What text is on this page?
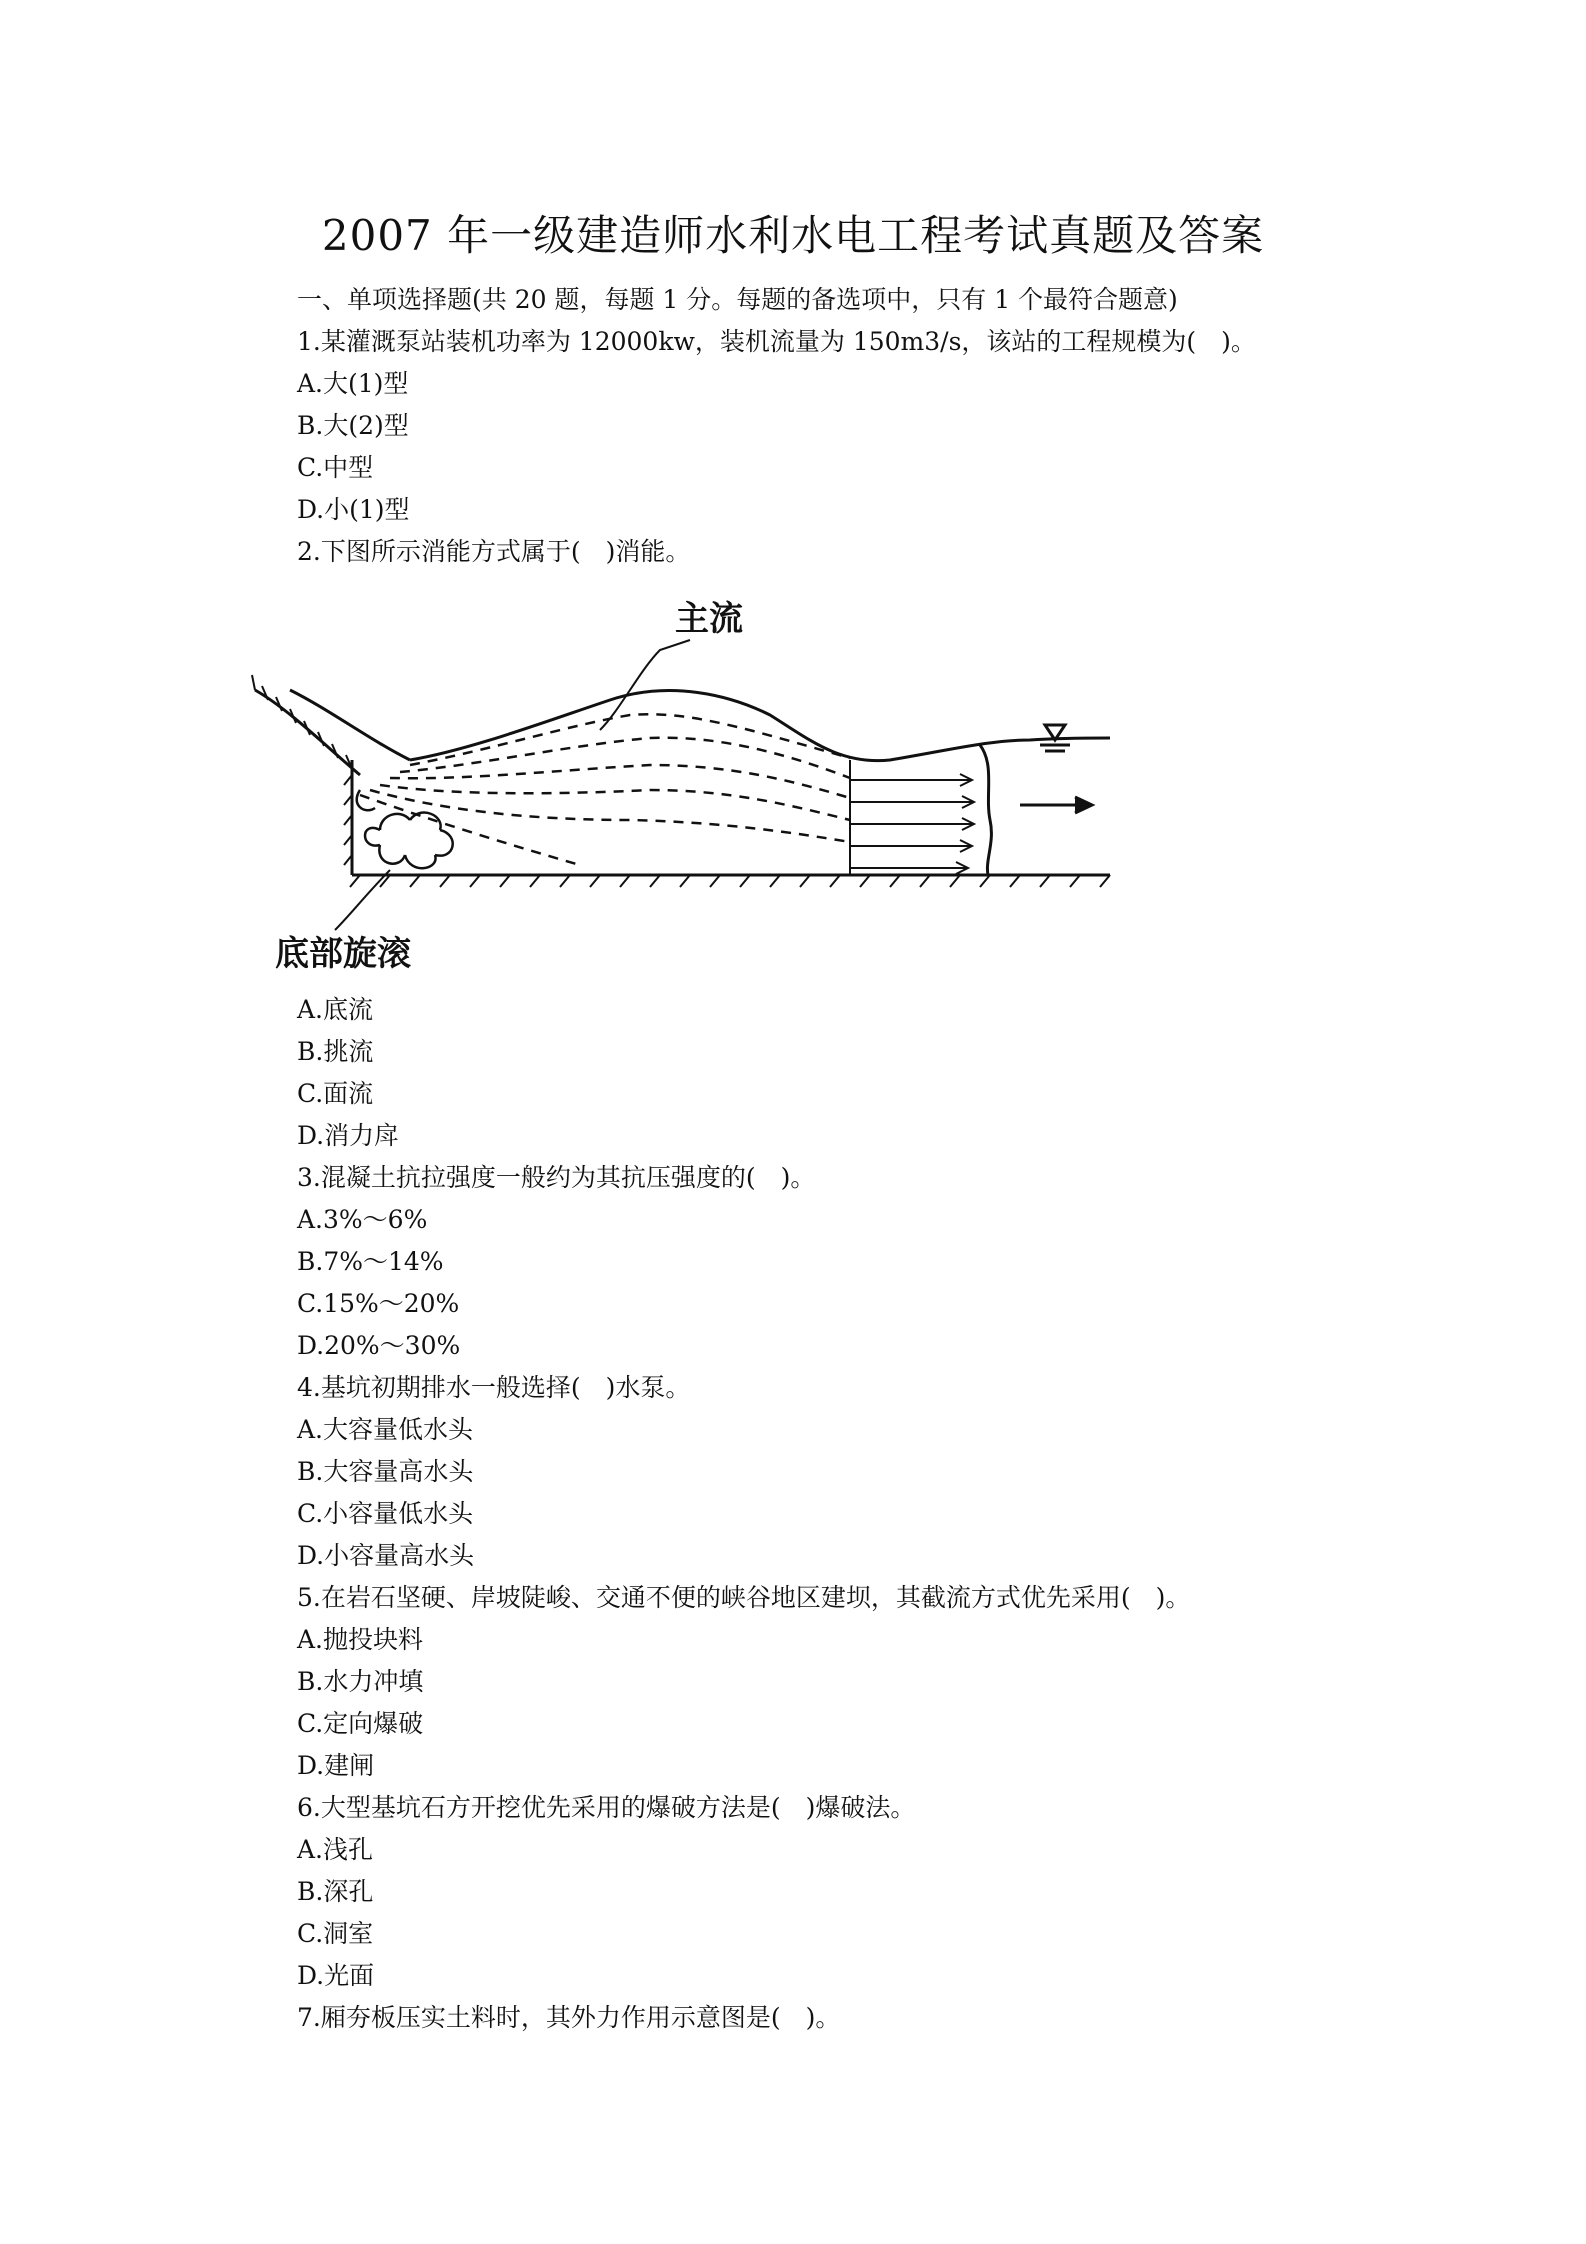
2007 年一级建造师水利水电工程考试真题及答案
一、单项选择题(共 20 题，每题 1 分。每题的备选项中，只有 1 个最符合题意)
1.某灌溉泵站装机功率为 12000kw，装机流量为 150m3/s，该站的工程规模为(　)。
A.大(1)型
B.大(2)型
C.中型
D.小(1)型
2.下图所示消能方式属于(　)消能。
主流
底部旋滚
A.底流
B.挑流
C.面流
D.消力戽
3.混凝土抗拉强度一般约为其抗压强度的(　)。
A.3%～6%
B.7%～14%
C.15%～20%
D.20%～30%
4.基坑初期排水一般选择(　)水泵。
A.大容量低水头
B.大容量高水头
C.小容量低水头
D.小容量高水头
5.在岩石坚硬、岸坡陡峻、交通不便的峡谷地区建坝，其截流方式优先采用(　)。
A.抛投块料
B.水力冲填
C.定向爆破
D.建闸
6.大型基坑石方开挖优先采用的爆破方法是(　)爆破法。
A.浅孔
B.深孔
C.洞室
D.光面
7.厢夯板压实土料时，其外力作用示意图是(　)。
